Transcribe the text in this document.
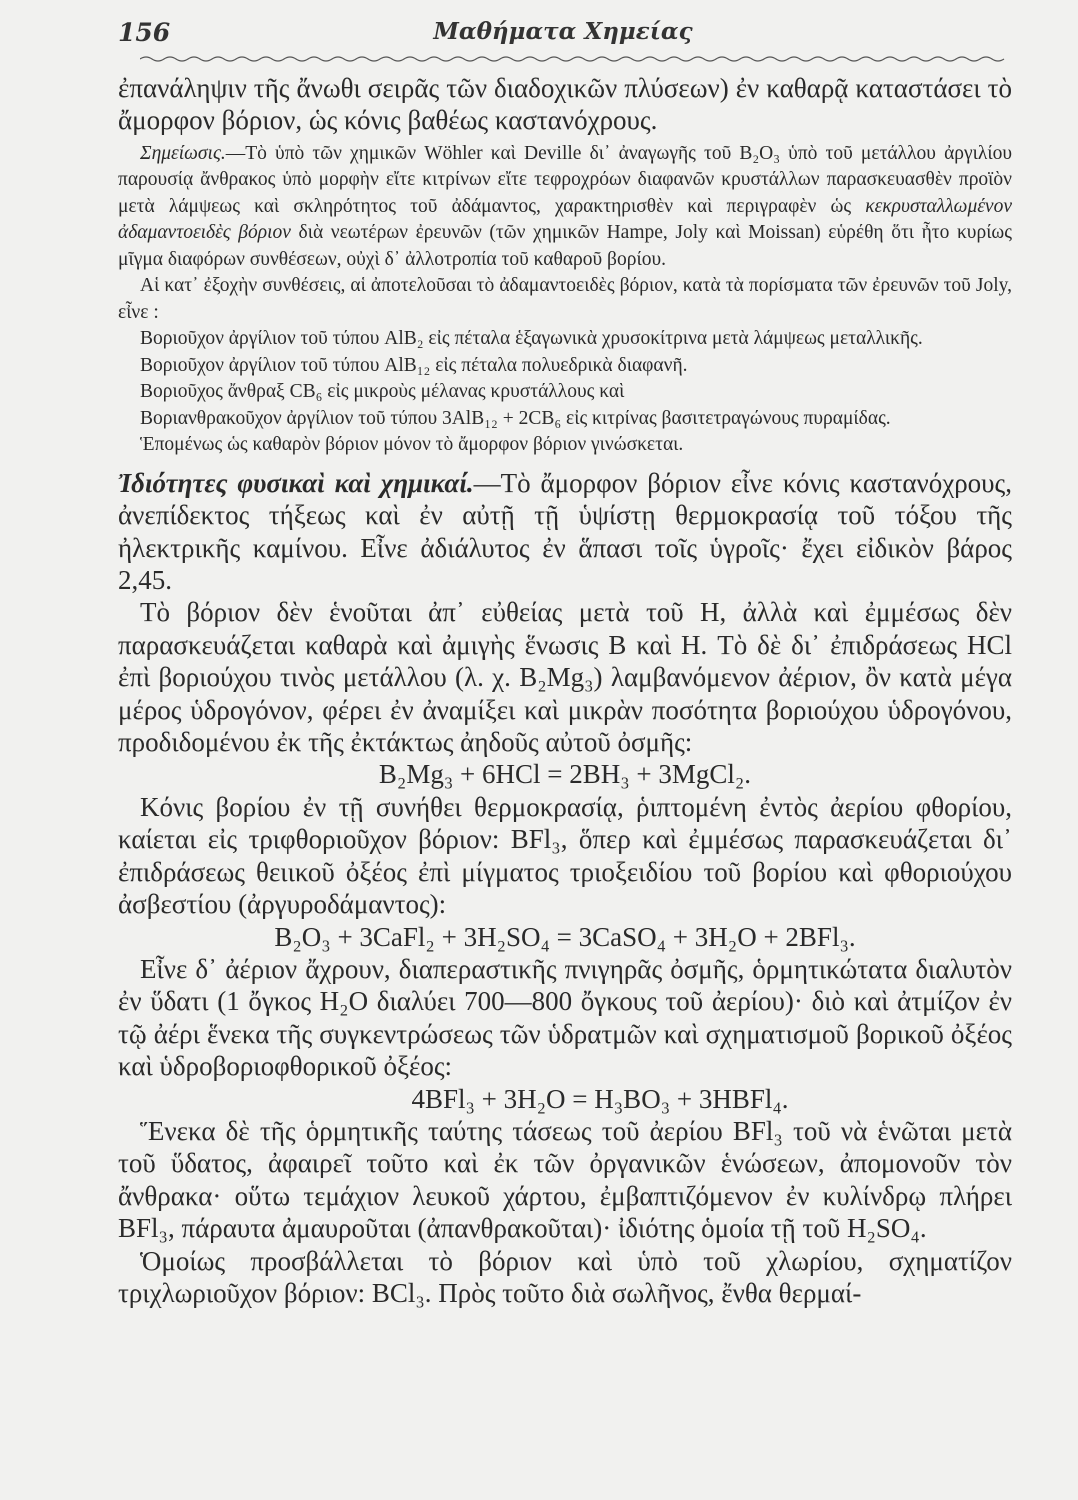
156	Μαθήματα Χημείας

ἐπανάληψιν τῆς ἄνωθι σειρᾶς τῶν διαδοχικῶν πλύσεων) ἐν καθαρᾷ καταστάσει τὸ ἄμορφον βόριον, ὡς κόνις βαθέως καστανόχρους.

Σημείωσις.—Τὸ ὑπὸ τῶν χημικῶν Wöhler καὶ Deville δι᾽ ἀναγωγῆς τοῦ B₂O₃ ὑπὸ τοῦ μετάλλου ἀργιλίου παρουσίᾳ ἄνθρακος ὑπὸ μορφὴν εἴτε κιτρίνων εἴτε τεφροχρόων διαφανῶν κρυστάλλων παρασκευασθὲν προϊὸν μετὰ λάμψεως καὶ σκληρότητος τοῦ ἀδάμαντος, χαρακτηρισθὲν καὶ περιγραφὲν ὡς κεκρυσταλλωμένον ἀδαμαντοειδὲς βόριον διὰ νεωτέρων ἐρευνῶν (τῶν χημικῶν Hampe, Joly καὶ Moissan) εὑρέθη ὅτι ἦτο κυρίως μῖγμα διαφόρων συνθέσεων, οὐχὶ δ᾽ ἀλλοτροπία τοῦ καθαροῦ βορίου.

Αἱ κατ᾽ ἐξοχὴν συνθέσεις, αἱ ἀποτελοῦσαι τὸ ἀδαμαντοειδὲς βόριον, κατὰ τὰ πορίσματα τῶν ἐρευνῶν τοῦ Joly, εἶνε :

Βοριοῦχον ἀργίλιον τοῦ τύπου AlB₂ εἰς πέταλα ἑξαγωνικὰ χρυσοκίτρινα μετὰ λάμψεως μεταλλικῆς.

Βοριοῦχον ἀργίλιον τοῦ τύπου AlB₁₂ εἰς πέταλα πολυεδρικὰ διαφανῆ.

Βοριοῦχος ἄνθραξ CB₆ εἰς μικροὺς μέλανας κρυστάλλους καὶ

Βοριανθρακοῦχον ἀργίλιον τοῦ τύπου 3AlB₁₂ + 2CB₆ εἰς κιτρίνας βασιτετραγώνους πυραμίδας.

Ἑπομένως ὡς καθαρὸν βόριον μόνον τὸ ἄμορφον βόριον γινώσκεται.

Ἰδιότητες φυσικαὶ καὶ χημικαί.—Τὸ ἄμορφον βόριον εἶνε κόνις καστανόχρους, ἀνεπίδεκτος τήξεως καὶ ἐν αὐτῇ τῇ ὑψίστῃ θερμοκρασίᾳ τοῦ τόξου τῆς ἠλεκτρικῆς καμίνου. Εἶνε ἀδιάλυτος ἐν ἅπασι τοῖς ὑγροῖς· ἔχει εἰδικὸν βάρος 2,45.

Τὸ βόριον δὲν ἑνοῦται ἀπ᾽ εὐθείας μετὰ τοῦ H, ἀλλὰ καὶ ἐμμέσως δὲν παρασκευάζεται καθαρὰ καὶ ἀμιγὴς ἕνωσις B καὶ H. Τὸ δὲ δι᾽ ἐπιδράσεως HCl ἐπὶ βοριούχου τινὸς μετάλλου (λ. χ. B₂Mg₃) λαμβανόμενον ἀέριον, ὂν κατὰ μέγα μέρος ὑδρογόνον, φέρει ἐν ἀναμίξει καὶ μικρὰν ποσότητα βοριούχου ὑδρογόνου, προδιδομένου ἐκ τῆς ἐκτάκτως ἀηδοῦς αὐτοῦ ὀσμῆς:

B₂Mg₃ + 6HCl = 2BH₃ + 3MgCl₂.

Κόνις βορίου ἐν τῇ συνήθει θερμοκρασίᾳ, ῥιπτομένη ἐντὸς ἀερίου φθορίου, καίεται εἰς τριφθοριοῦχον βόριον: BFl₃, ὅπερ καὶ ἐμμέσως παρασκευάζεται δι᾽ ἐπιδράσεως θειικοῦ ὀξέος ἐπὶ μίγματος τριοξειδίου τοῦ βορίου καὶ φθοριούχου ἀσβεστίου (ἀργυροδάμαντος):

B₂O₃ + 3CaFl₂ + 3H₂SO₄ = 3CaSO₄ + 3H₂O + 2BFl₃.

Εἶνε δ᾽ ἀέριον ἄχρουν, διαπεραστικῆς πνιγηρᾶς ὀσμῆς, ὁρμητικώτατα διαλυτὸν ἐν ὕδατι (1 ὄγκος H₂O διαλύει 700—800 ὄγκους τοῦ ἀερίου)· διὸ καὶ ἀτμίζον ἐν τῷ ἀέρι ἕνεκα τῆς συγκεντρώσεως τῶν ὑδρατμῶν καὶ σχηματισμοῦ βορικοῦ ὀξέος καὶ ὑδροβοριοφθορικοῦ ὀξέος:

4BFl₃ + 3H₂O = H₃BO₃ + 3HBFl₄.

Ἕνεκα δὲ τῆς ὁρμητικῆς ταύτης τάσεως τοῦ ἀερίου BFl₃ τοῦ νὰ ἑνῶται μετὰ τοῦ ὕδατος, ἀφαιρεῖ τοῦτο καὶ ἐκ τῶν ὀργανικῶν ἑνώσεων, ἀπομονοῦν τὸν ἄνθρακα· οὕτω τεμάχιον λευκοῦ χάρτου, ἐμβαπτιζόμενον ἐν κυλίνδρῳ πλήρει BFl₃, πάραυτα ἀμαυροῦται (ἀπανθρακοῦται)· ἰδιότης ὁμοία τῇ τοῦ H₂SO₄.

Ὁμοίως προσβάλλεται τὸ βόριον καὶ ὑπὸ τοῦ χλωρίου, σχηματίζον τριχλωριοῦχον βόριον: BCl₃. Πρὸς τοῦτο διὰ σωλῆνος, ἔνθα θερμαί-
